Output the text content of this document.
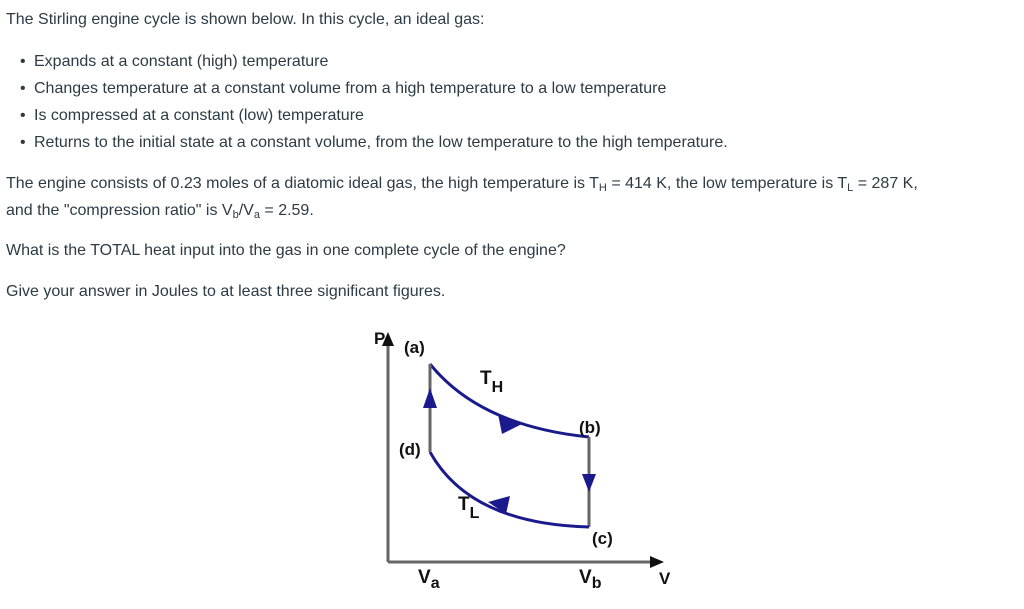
The Stirling engine cycle is shown below. In this cycle, an ideal gas:

• Expands at a constant (high) temperature
• Changes temperature at a constant volume from a high temperature to a low temperature
• Is compressed at a constant (low) temperature
• Returns to the initial state at a constant volume, from the low temperature to the high temperature.

The engine consists of 0.23 moles of a diatomic ideal gas, the high temperature is $T_H = 414$ K, the low temperature is $T_L = 287$ K,

and the "compression ratio" is $V_b/V_a = 2.59$.

What is the TOTAL heat input into the gas in one complete cycle of the engine?

Give your answer in Joules to at least three significant figures.

P (a)
(b)
(c)
(d)
$T_H$
$T_L$
$V_a$	$V_b$	V
